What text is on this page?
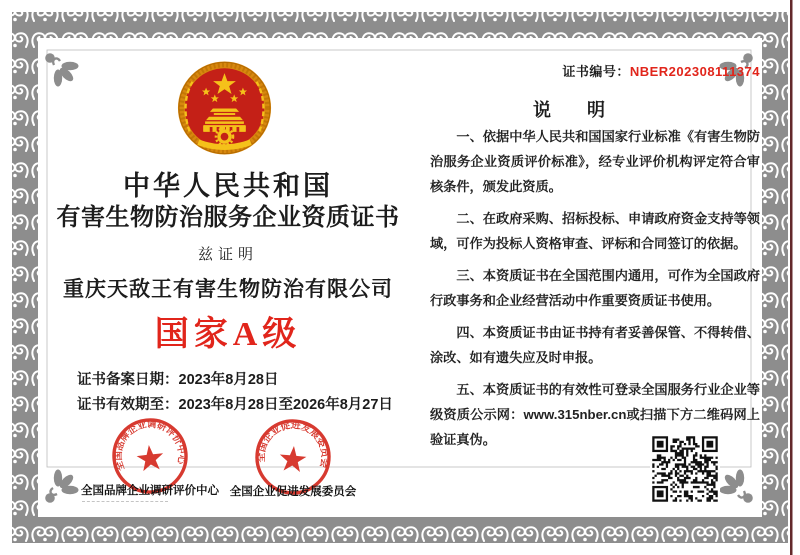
证书编号：NBER202308111374
中华人民共和国
有害生物防治服务企业资质证书
兹证明
重庆天敌王有害生物防治有限公司
国家A级
证书备案日期：2023年8月28日
证书有效期至：2023年8月28日至2026年8月27日
说　　明

一、依据中华人民共和国国家行业标准《有害生物防治服务企业资质评价标准》，经专业评价机构评定符合审核条件，颁发此资质。

二、在政府采购、招标投标、申请政府资金支持等领域，可作为投标人资格审查、评标和合同签订的依据。

三、本资质证书在全国范围内通用，可作为全国政府行政事务和企业经营活动中作重要资质证书使用。

四、本资质证书由证书持有者妥善保管、不得转借、涂改、如有遗失应及时申报。

五、本资质证书的有效性可登录全国服务行业企业等级资质公示网：www.315nber.cn或扫描下方二维码网上验证真伪。

全国品牌企业调研评价中心	全国企业促进发展委员会
全国品牌企业调研评价中心 全国企业促进发展委员会
